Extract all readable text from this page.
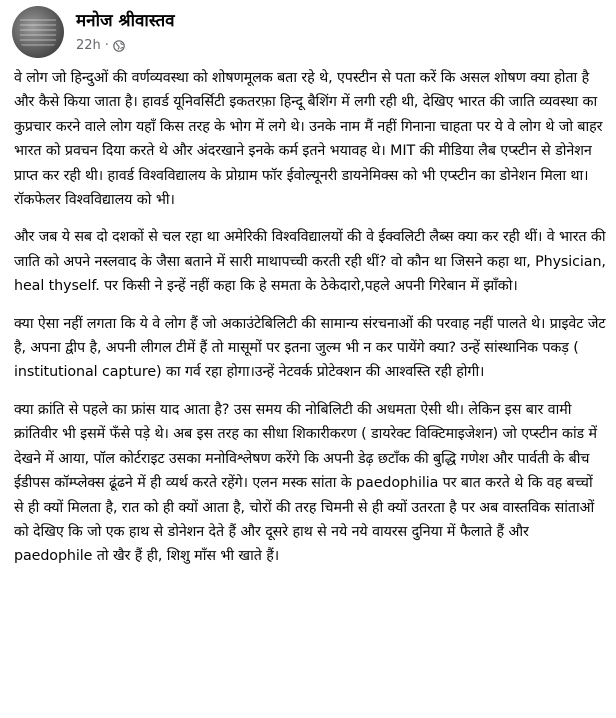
मनोज श्रीवास्तव
22h ·

वे लोग जो हिन्दुओं की वर्णव्यवस्था को शोषणमूलक बता रहे थे, एपस्टीन से पता करें कि असल शोषण क्या होता है और कैसे किया जाता है। हावर्ड यूनिवर्सिटी इकतरफ़ा हिन्दू बैशिंग में लगी रही थी, देखिए भारत की जाति व्यवस्था का कुप्रचार करने वाले लोग यहाँ किस तरह के भोग में लगे थे। उनके नाम मैं नहीं गिनाना चाहता पर ये वे लोग थे जो बाहर भारत को प्रवचन दिया करते थे और अंदरखाने इनके कर्म इतने भयावह थे। MIT की मीडिया लैब एप्स्टीन से डोनेशन प्राप्त कर रही थी। हावर्ड विश्वविद्यालय के प्रोग्राम फॉर ईवोल्यूनरी डायनेमिक्स को भी एप्स्टीन का डोनेशन मिला था। रॉकफेलर विश्वविद्यालय को भी।

और जब ये सब दो दशकों से चल रहा था अमेरिकी विश्वविद्यालयों की वे ईक्वलिटी लैब्स क्या कर रही थीं। वे भारत की जाति को अपने नस्लवाद के जैसा बताने में सारी माथापच्ची करती रही थीं? वो कौन था जिसने कहा था, Physician, heal thyself. पर किसी ने इन्हें नहीं कहा कि हे समता के ठेकेदारो,पहले अपनी गिरेबान में झाँको।

क्या ऐसा नहीं लगता कि ये वे लोग हैं जो अकाउंटेबिलिटी की सामान्य संरचनाओं की परवाह नहीं पालते थे। प्राइवेट जेट है, अपना द्वीप है, अपनी लीगल टीमें हैं तो मासूमों पर इतना जुल्म भी न कर पायेंगे क्या? उन्हें सांस्थानिक पकड़ ( institutional capture) का गर्व रहा होगा।उन्हें नेटवर्क प्रोटेक्शन की आश्वस्ति रही होगी।

क्या क्रांति से पहले का फ्रांस याद आता है? उस समय की नोबिलिटी की अधमता ऐसी थी। लेकिन इस बार वामी क्रांतिवीर भी इसमें फँसे पड़े थे। अब इस तरह का सीधा शिकारीकरण ( डायरेक्ट विक्टिमाइजेशन) जो एप्स्टीन कांड में देखने में आया, पॉल कोर्टराइट उसका मनोविश्लेषण करेंगे कि अपनी डेढ़ छटाँक की बुद्धि गणेश और पार्वती के बीच ईडीपस कॉम्प्लेक्स ढूंढने में ही व्यर्थ करते रहेंगे। एलन मस्क सांता के paedophilia पर बात करते थे कि वह बच्चों से ही क्यों मिलता है, रात को ही क्यों आता है, चोरों की तरह चिमनी से ही क्यों उतरता है पर अब वास्तविक सांताओं को देखिए कि जो एक हाथ से डोनेशन देते हैं और दूसरे हाथ से नये नये वायरस दुनिया में फैलाते हैं और paedophile तो खैर हैं ही, शिशु माँस भी खाते हैं।
